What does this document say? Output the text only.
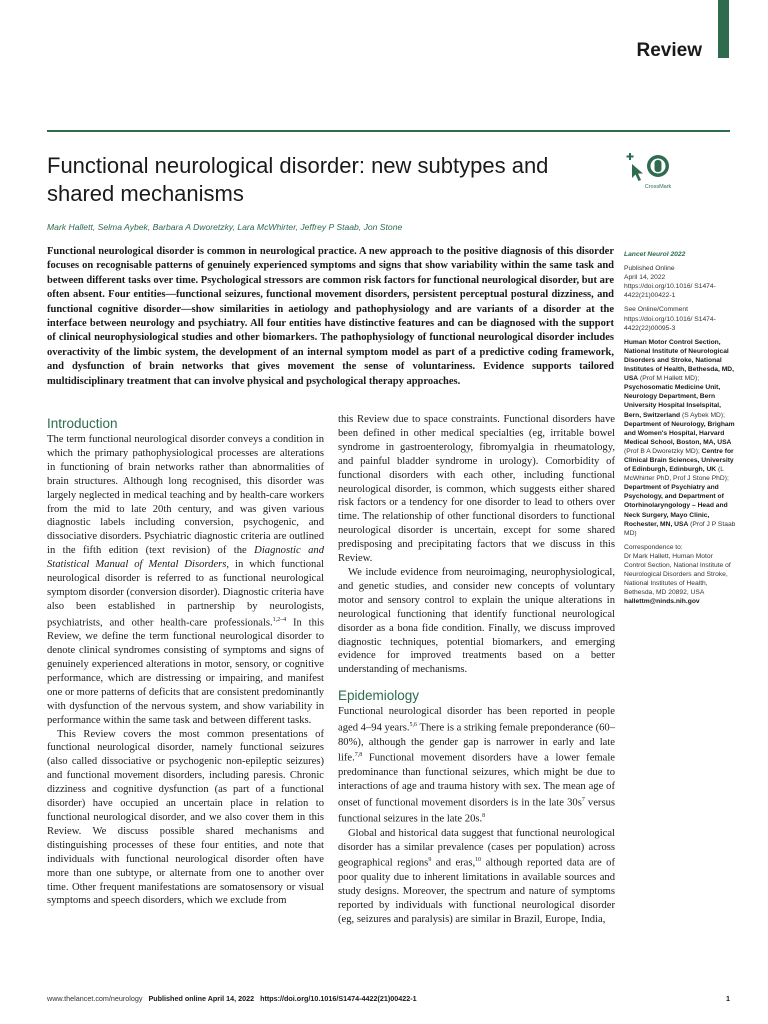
Review
Functional neurological disorder: new subtypes and shared mechanisms	CrossMark
Mark Hallett, Selma Aybek, Barbara A Dworetzky, Lara McWhirter, Jeffrey P Staab, Jon Stone

Functional neurological disorder is common in neurological practice. A new approach to the positive diagnosis of this disorder focuses on recognisable patterns of genuinely experienced symptoms and signs that show variability within the same task and between different tasks over time. Psychological stressors are common risk factors for functional neurological disorder, but are often absent. Four entities—functional seizures, functional movement disorders, persistent perceptual postural dizziness, and functional cognitive disorder—show similarities in aetiology and pathophysiology and are variants of a disorder at the interface between neurology and psychiatry. All four entities have distinctive features and can be diagnosed with the support of clinical neurophysiological studies and other biomarkers. The pathophysiology of functional neurological disorder includes overactivity of the limbic system, the development of an internal symptom model as part of a predictive coding framework, and dysfunction of brain networks that gives movement the sense of voluntariness. Evidence supports tailored multidisciplinary treatment that can involve physical and psychological therapy approaches.

Introduction

The term functional neurological disorder conveys a condition in which the primary pathophysiological processes are alterations in functioning of brain networks rather than abnormalities of brain structures. Although long recognised, this disorder was largely neglected in medical teaching and by health-care workers from the mid to late 20th century, and was given various diagnostic labels including conversion, psychogenic, and dissociative disorders. Psychiatric diagnostic criteria are outlined in the fifth edition (text revision) of the Diagnostic and Statistical Manual of Mental Disorders, in which functional neurological disorder is referred to as functional neurological symptom disorder (conversion disorder). Diagnostic criteria have also been established in partnership by neurologists, psychiatrists, and other health-care professionals.$^{1,2-4}$ In this Review, we define the term functional neurological disorder to denote clinical syndromes consisting of symptoms and signs of genuinely experienced alterations in motor, sensory, or cognitive performance, which are distressing or impairing, and manifest one or more patterns of deficits that are consistent predominantly with dysfunction of the nervous system, and show variability in performance within the same task and between different tasks.

This Review covers the most common presentations of functional neurological disorder, namely functional seizures (also called dissociative or psychogenic non-epileptic seizures) and functional movement disorders, including paresis. Chronic dizziness and cognitive dysfunction (as part of a functional disorder) have occupied an uncertain place in relation to functional neurological disorder, and we also cover them in this Review. We discuss possible shared mechanisms and distinguishing processes of these four entities, and note that individuals with functional neurological disorder often have more than one subtype, or alternate from one to another over time. Other frequent manifestations are somatosensory or visual symptoms and speech disorders, which we exclude from

this Review due to space constraints. Functional disorders have been defined in other medical specialties (eg, irritable bowel syndrome in gastroenterology, fibromyalgia in rheumatology, and painful bladder syndrome in urology). Comorbidity of functional disorders with each other, including functional neurological disorder, is common, which suggests either shared risk factors or a tendency for one disorder to lead to others over time. The relationship of other functional disorders to functional neurological disorder is uncertain, except for some shared predisposing and precipitating factors that we discuss in this Review.

We include evidence from neuroimaging, neurophysiological, and genetic studies, and consider new concepts of voluntary motor and sensory control to explain the unique alterations in neurological functioning that identify functional neurological disorder as a bona fide condition. Finally, we discuss improved diagnostic techniques, potential biomarkers, and emerging evidence for improved treatments based on a better understanding of mechanisms.

Epidemiology

Functional neurological disorder has been reported in people aged 4–94 years.$^{5,6}$ There is a striking female preponderance (60–80%), although the gender gap is narrower in early and late life.$^{7,8}$ Functional movement disorders have a lower female predominance than functional seizures, which might be due to interactions of age and trauma history with sex. The mean age of onset of functional movement disorders is in the late $30s^7$ versus functional seizures in the late 20s.$^8$

Global and historical data suggest that functional neurological disorder has a similar prevalence (cases per population) across geographical regions$^9$ and eras,$^{10}$ although reported data are of poor quality due to inherent limitations in available sources and study designs. Moreover, the spectrum and nature of symptoms reported by individuals with functional neurological disorder (eg, seizures and paralysis) are similar in Brazil, Europe, India,

Lancet Neurol 2022
Published Online
April 14, 2022
https://doi.org/10.1016/ S1474-4422(21)00422-1
See Online/Comment
https://doi.org/10.1016/ S1474-4422(22)00095-3
Human Motor Control Section, National Institute of Neurological Disorders and Stroke, National Institutes of Health, Bethesda, MD, USA (Prof M Hallett MD); Psychosomatic Medicine Unit, Neurology Department, Bern University Hospital Inselspital, Bern, Switzerland (S Aybek MD); Department of Neurology, Brigham and Women's Hospital, Harvard Medical School, Boston, MA, USA (Prof B A Dworetzky MD); Centre for Clinical Brain Sciences, University of Edinburgh, Edinburgh, UK (L McWhirter PhD, Prof J Stone PhD); Department of Psychiatry and Psychology, and Department of Otorhinolaryngology – Head and Neck Surgery, Mayo Clinic, Rochester, MN, USA (Prof J P Staab MD)
Correspondence to:
Dr Mark Hallett, Human Motor Control Section, National Institute of Neurological Disorders and Stroke, National Institutes of Health, Bethesda, MD 20892, USA
hallettm@ninds.nih.gov
www.thelancet.com/neurology Published online April 14, 2022 https://doi.org/10.1016/S1474-4422(21)00422-1	1
